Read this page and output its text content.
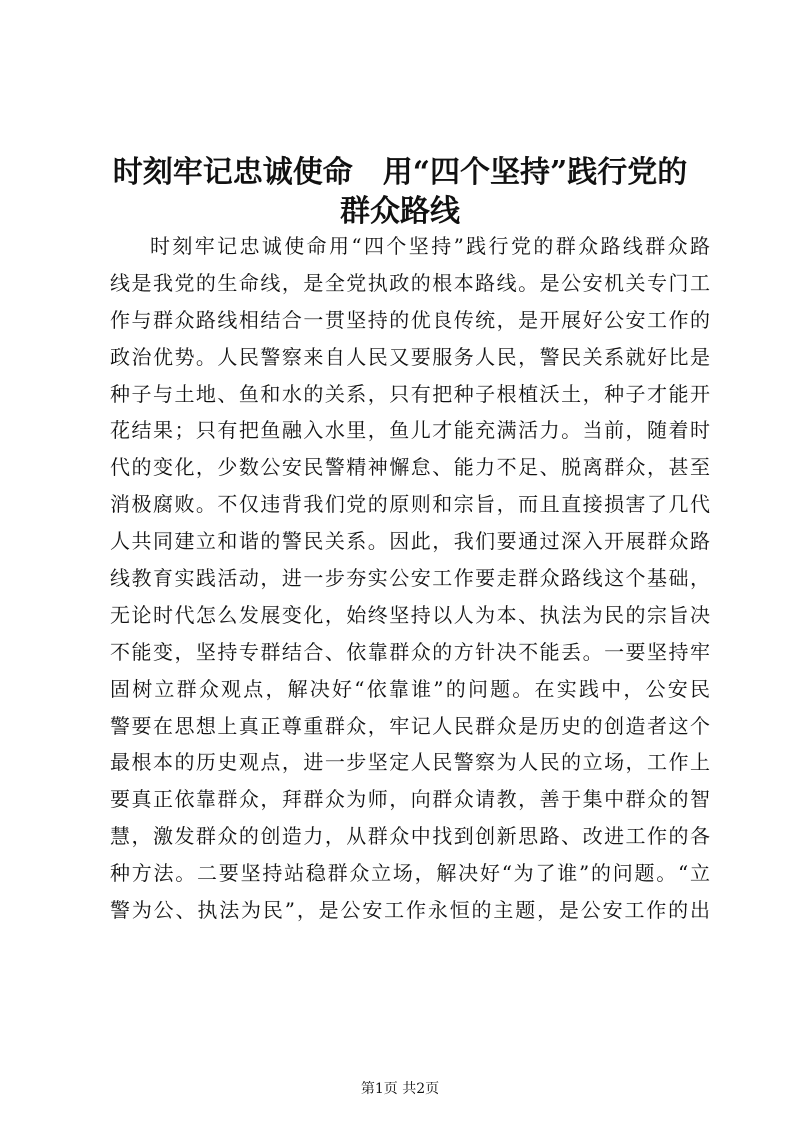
时刻牢记忠诚使命　用“四个坚持”践行党的
群众路线
时刻牢记忠诚使命用“四个坚持”践行党的群众路线群众路
线是我党的生命线，是全党执政的根本路线。是公安机关专门工
作与群众路线相结合一贯坚持的优良传统，是开展好公安工作的
政治优势。人民警察来自人民又要服务人民，警民关系就好比是
种子与土地、鱼和水的关系，只有把种子根植沃土，种子才能开
花结果；只有把鱼融入水里，鱼儿才能充满活力。当前，随着时
代的变化，少数公安民警精神懈怠、能力不足、脱离群众，甚至
消极腐败。不仅违背我们党的原则和宗旨，而且直接损害了几代
人共同建立和谐的警民关系。因此，我们要通过深入开展群众路
线教育实践活动，进一步夯实公安工作要走群众路线这个基础，
无论时代怎么发展变化，始终坚持以人为本、执法为民的宗旨决
不能变，坚持专群结合、依靠群众的方针决不能丢。一要坚持牢
固树立群众观点，解决好“依靠谁”的问题。在实践中，公安民
警要在思想上真正尊重群众，牢记人民群众是历史的创造者这个
最根本的历史观点，进一步坚定人民警察为人民的立场，工作上
要真正依靠群众，拜群众为师，向群众请教，善于集中群众的智
慧，激发群众的创造力，从群众中找到创新思路、改进工作的各
种方法。二要坚持站稳群众立场，解决好“为了谁”的问题。“立
警为公、执法为民”，是公安工作永恒的主题，是公安工作的出
第1页 共2页
